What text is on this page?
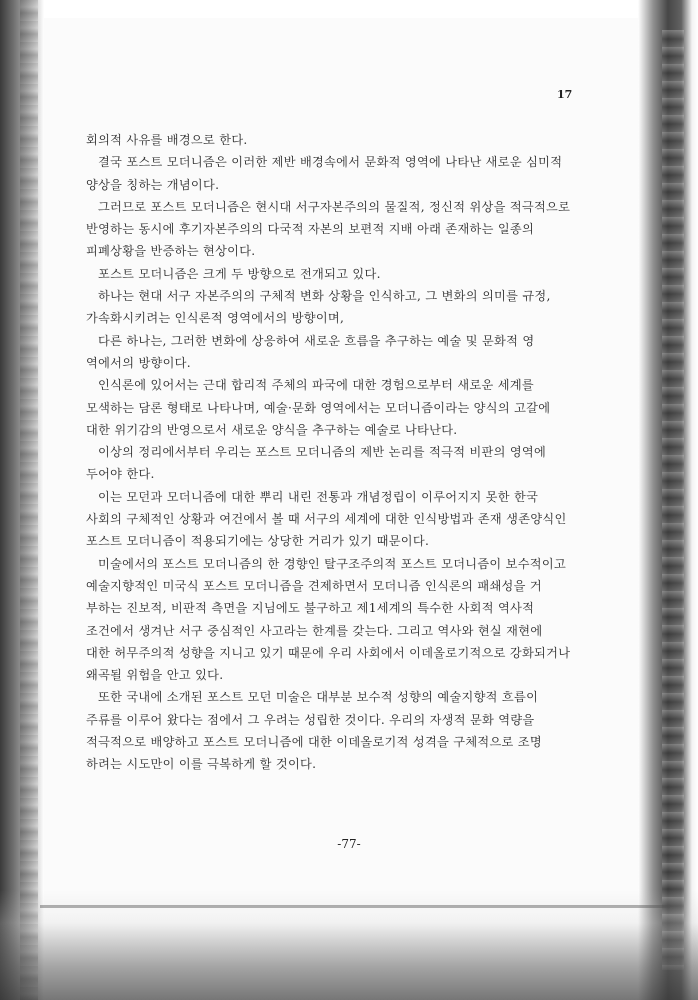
17
회의적 사유를 배경으로 한다.
결국 포스트 모더니즘은 이러한 제반 배경속에서 문화적 영역에 나타난 새로운 심미적
양상을 칭하는 개념이다.
그러므로 포스트 모더니즘은 현시대 서구자본주의의 물질적, 정신적 위상을 적극적으로
반영하는 동시에 후기자본주의의 다국적 자본의 보편적 지배 아래 존재하는 일종의
피폐상황을 반증하는 현상이다.
포스트 모더니즘은 크게 두 방향으로 전개되고 있다.
하나는 현대 서구 자본주의의 구체적 변화 상황을 인식하고, 그 변화의 의미를 규정,
가속화시키려는 인식론적 영역에서의 방향이며,
다른 하나는, 그러한 변화에 상응하여 새로운 흐름을 추구하는 예술 및 문화적 영
역에서의 방향이다.
인식론에 있어서는 근대 합리적 주체의 파국에 대한 경험으로부터 새로운 세계를
모색하는 담론 형태로 나타나며, 예술·문화 영역에서는 모더니즘이라는 양식의 고갈에
대한 위기감의 반영으로서 새로운 양식을 추구하는 예술로 나타난다.
이상의 정리에서부터 우리는 포스트 모더니즘의 제반 논리를 적극적 비판의 영역에
두어야 한다.
이는 모던과 모더니즘에 대한 뿌리 내린 전통과 개념정립이 이루어지지 못한 한국
사회의 구체적인 상황과 여건에서 볼 때 서구의 세계에 대한 인식방법과 존재 생존양식인
포스트 모더니즘이 적용되기에는 상당한 거리가 있기 때문이다.
미술에서의 포스트 모더니즘의 한 경향인 탈구조주의적 포스트 모더니즘이 보수적이고
예술지향적인 미국식 포스트 모더니즘을 견제하면서 모더니즘 인식론의 패쇄성을 거
부하는 진보적, 비판적 측면을 지님에도 불구하고 제1세계의 특수한 사회적 역사적
조건에서 생겨난 서구 중심적인 사고라는 한계를 갖는다. 그리고 역사와 현실 재현에
대한 허무주의적 성향을 지니고 있기 때문에 우리 사회에서 이데올로기적으로 강화되거나
왜곡될 위험을 안고 있다.
또한 국내에 소개된 포스트 모던 미술은 대부분 보수적 성향의 예술지향적 흐름이
주류를 이루어 왔다는 점에서 그 우려는 성립한 것이다. 우리의 자생적 문화 역량을
적극적으로 배양하고 포스트 모더니즘에 대한 이데올로기적 성격을 구체적으로 조명
하려는 시도만이 이를 극복하게 할 것이다.
-77-
